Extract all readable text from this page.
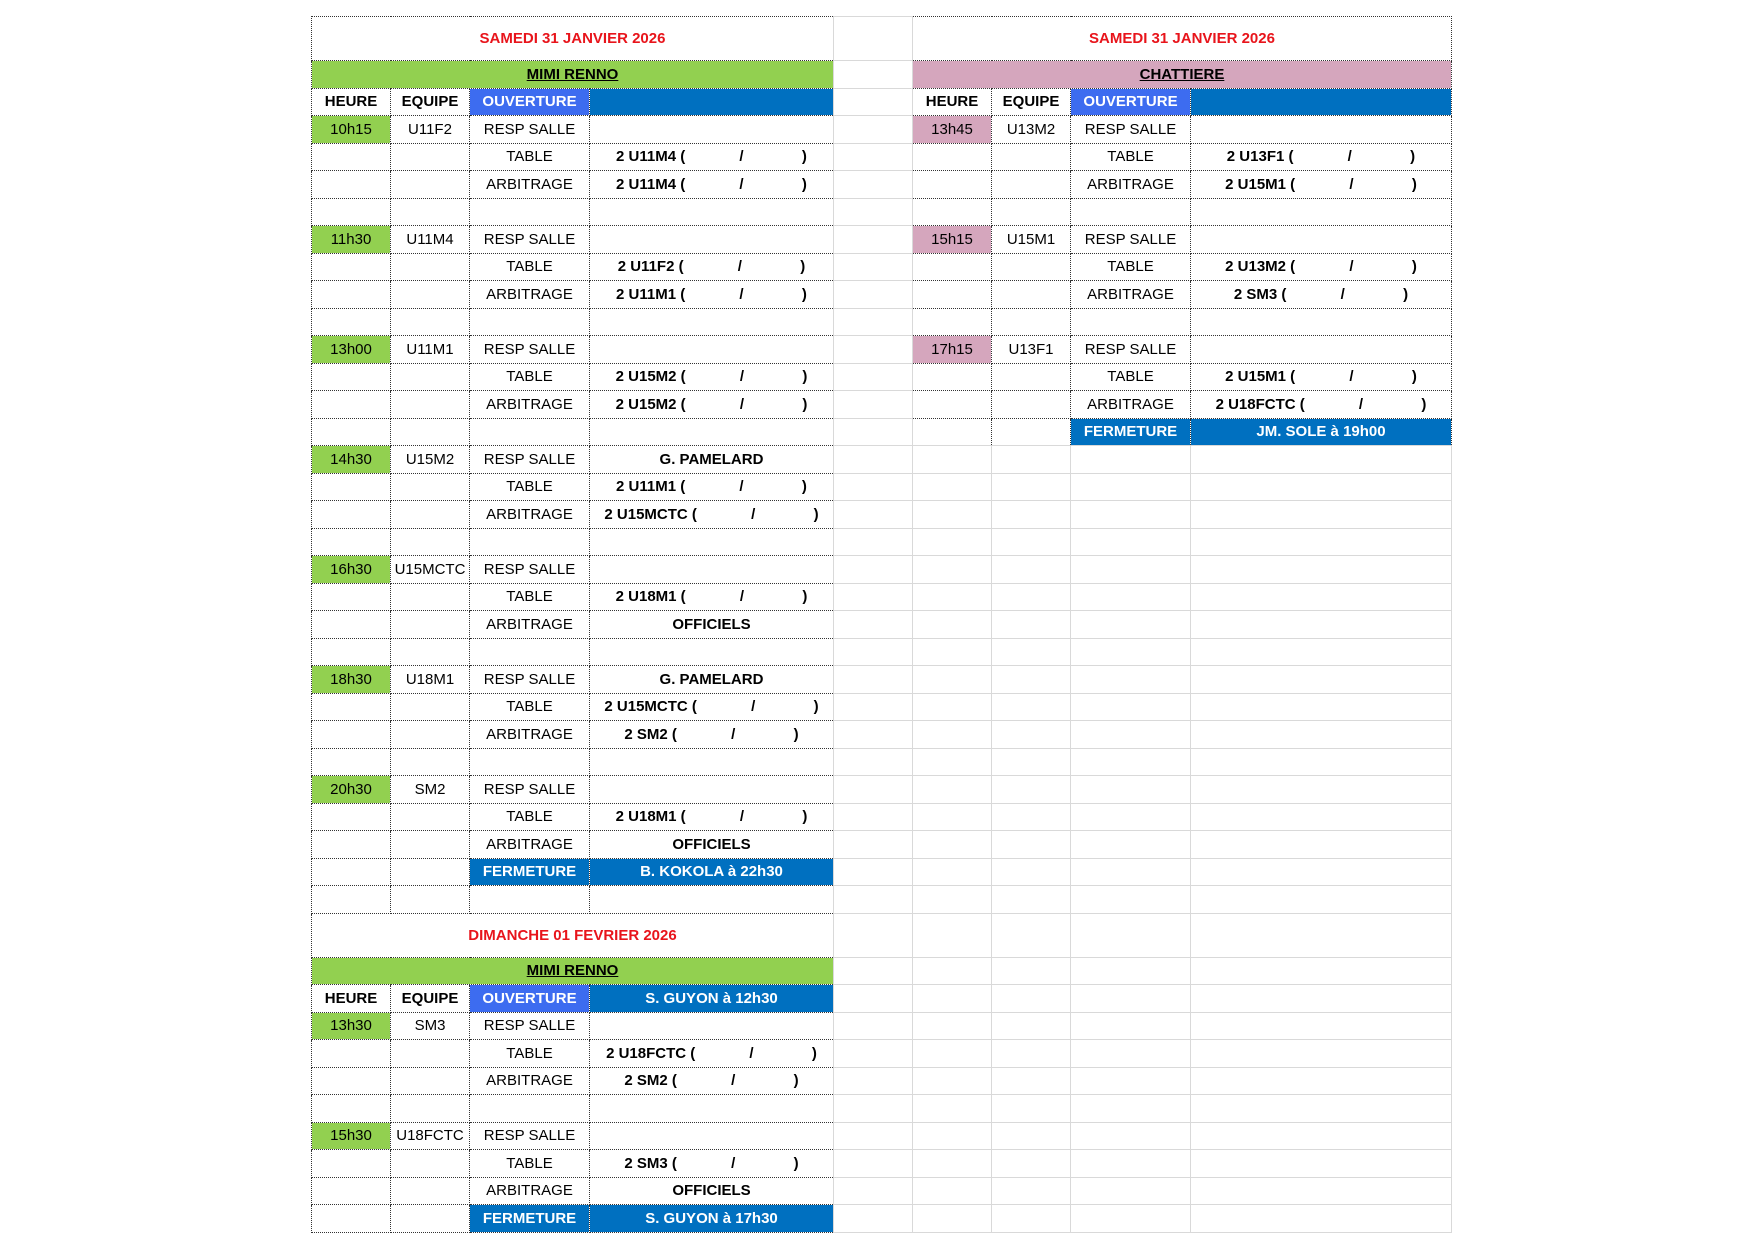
SAMEDI 31 JANVIER 2026					SAMEDI 31 JANVIER 2026			
MIMI RENNO					CHATTIERE			
HEURE	EQUIPE	OUVERTURE			HEURE	EQUIPE	OUVERTURE	
10h15	U11F2	RESP SALLE			13h45	U13M2	RESP SALLE	
		TABLE	2 U11M4 (             /              )				TABLE	2 U13F1 (             /              )
		ARBITRAGE	2 U11M4 (             /              )				ARBITRAGE	2 U15M1 (             /              )

11h30	U11M4	RESP SALLE			15h15	U15M1	RESP SALLE	
		TABLE	2 U11F2 (             /              )				TABLE	2 U13M2 (             /              )
		ARBITRAGE	2 U11M1 (             /              )				ARBITRAGE	2 SM3 (             /              )

13h00	U11M1	RESP SALLE			17h15	U13F1	RESP SALLE	
		TABLE	2 U15M2 (             /              )				TABLE	2 U15M1 (             /              )
		ARBITRAGE	2 U15M2 (             /              )				ARBITRAGE	2 U18FCTC (             /              )
							FERMETURE	JM. SOLE à 19h00
14h30	U15M2	RESP SALLE	G. PAMELARD					
		TABLE	2 U11M1 (             /              )					
		ARBITRAGE	2 U15MCTC (             /              )					

16h30	U15MCTC	RESP SALLE						
		TABLE	2 U18M1 (             /              )					
		ARBITRAGE	OFFICIELS					

18h30	U18M1	RESP SALLE	G. PAMELARD					
		TABLE	2 U15MCTC (             /              )					
		ARBITRAGE	2 SM2 (             /              )					

20h30	SM2	RESP SALLE						
		TABLE	2 U18M1 (             /              )					
		ARBITRAGE	OFFICIELS					
		FERMETURE	B. KOKOLA à 22h30					

DIMANCHE 01 FEVRIER 2026								
MIMI RENNO								
HEURE	EQUIPE	OUVERTURE	S. GUYON à 12h30					
13h30	SM3	RESP SALLE						
		TABLE	2 U18FCTC (             /              )					
		ARBITRAGE	2 SM2 (             /              )					

15h30	U18FCTC	RESP SALLE						
		TABLE	2 SM3 (             /              )					
		ARBITRAGE	OFFICIELS					
		FERMETURE	S. GUYON à 17h30					
